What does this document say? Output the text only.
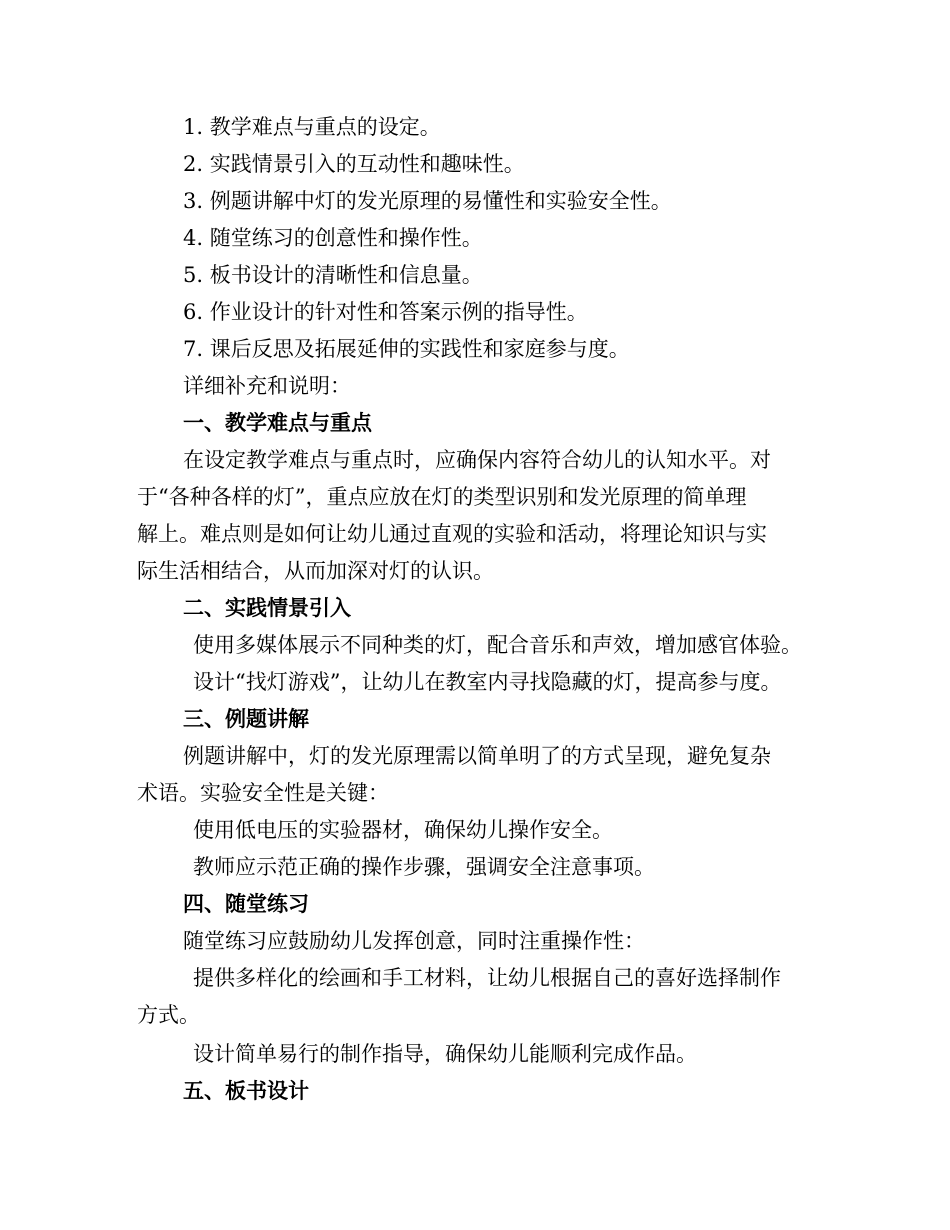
1. 教学难点与重点的设定。
2. 实践情景引入的互动性和趣味性。
3. 例题讲解中灯的发光原理的易懂性和实验安全性。
4. 随堂练习的创意性和操作性。
5. 板书设计的清晰性和信息量。
6. 作业设计的针对性和答案示例的指导性。
7. 课后反思及拓展延伸的实践性和家庭参与度。
详细补充和说明：
一、教学难点与重点
在设定教学难点与重点时，应确保内容符合幼儿的认知水平。对
于“各种各样的灯”，重点应放在灯的类型识别和发光原理的简单理
解上。难点则是如何让幼儿通过直观的实验和活动，将理论知识与实
际生活相结合，从而加深对灯的认识。
二、实践情景引入
使用多媒体展示不同种类的灯，配合音乐和声效，增加感官体验。
设计“找灯游戏”，让幼儿在教室内寻找隐藏的灯，提高参与度。
三、例题讲解
例题讲解中，灯的发光原理需以简单明了的方式呈现，避免复杂
术语。实验安全性是关键：
使用低电压的实验器材，确保幼儿操作安全。
教师应示范正确的操作步骤，强调安全注意事项。
四、随堂练习
随堂练习应鼓励幼儿发挥创意，同时注重操作性：
提供多样化的绘画和手工材料，让幼儿根据自己的喜好选择制作
方式。
设计简单易行的制作指导，确保幼儿能顺利完成作品。
五、板书设计
